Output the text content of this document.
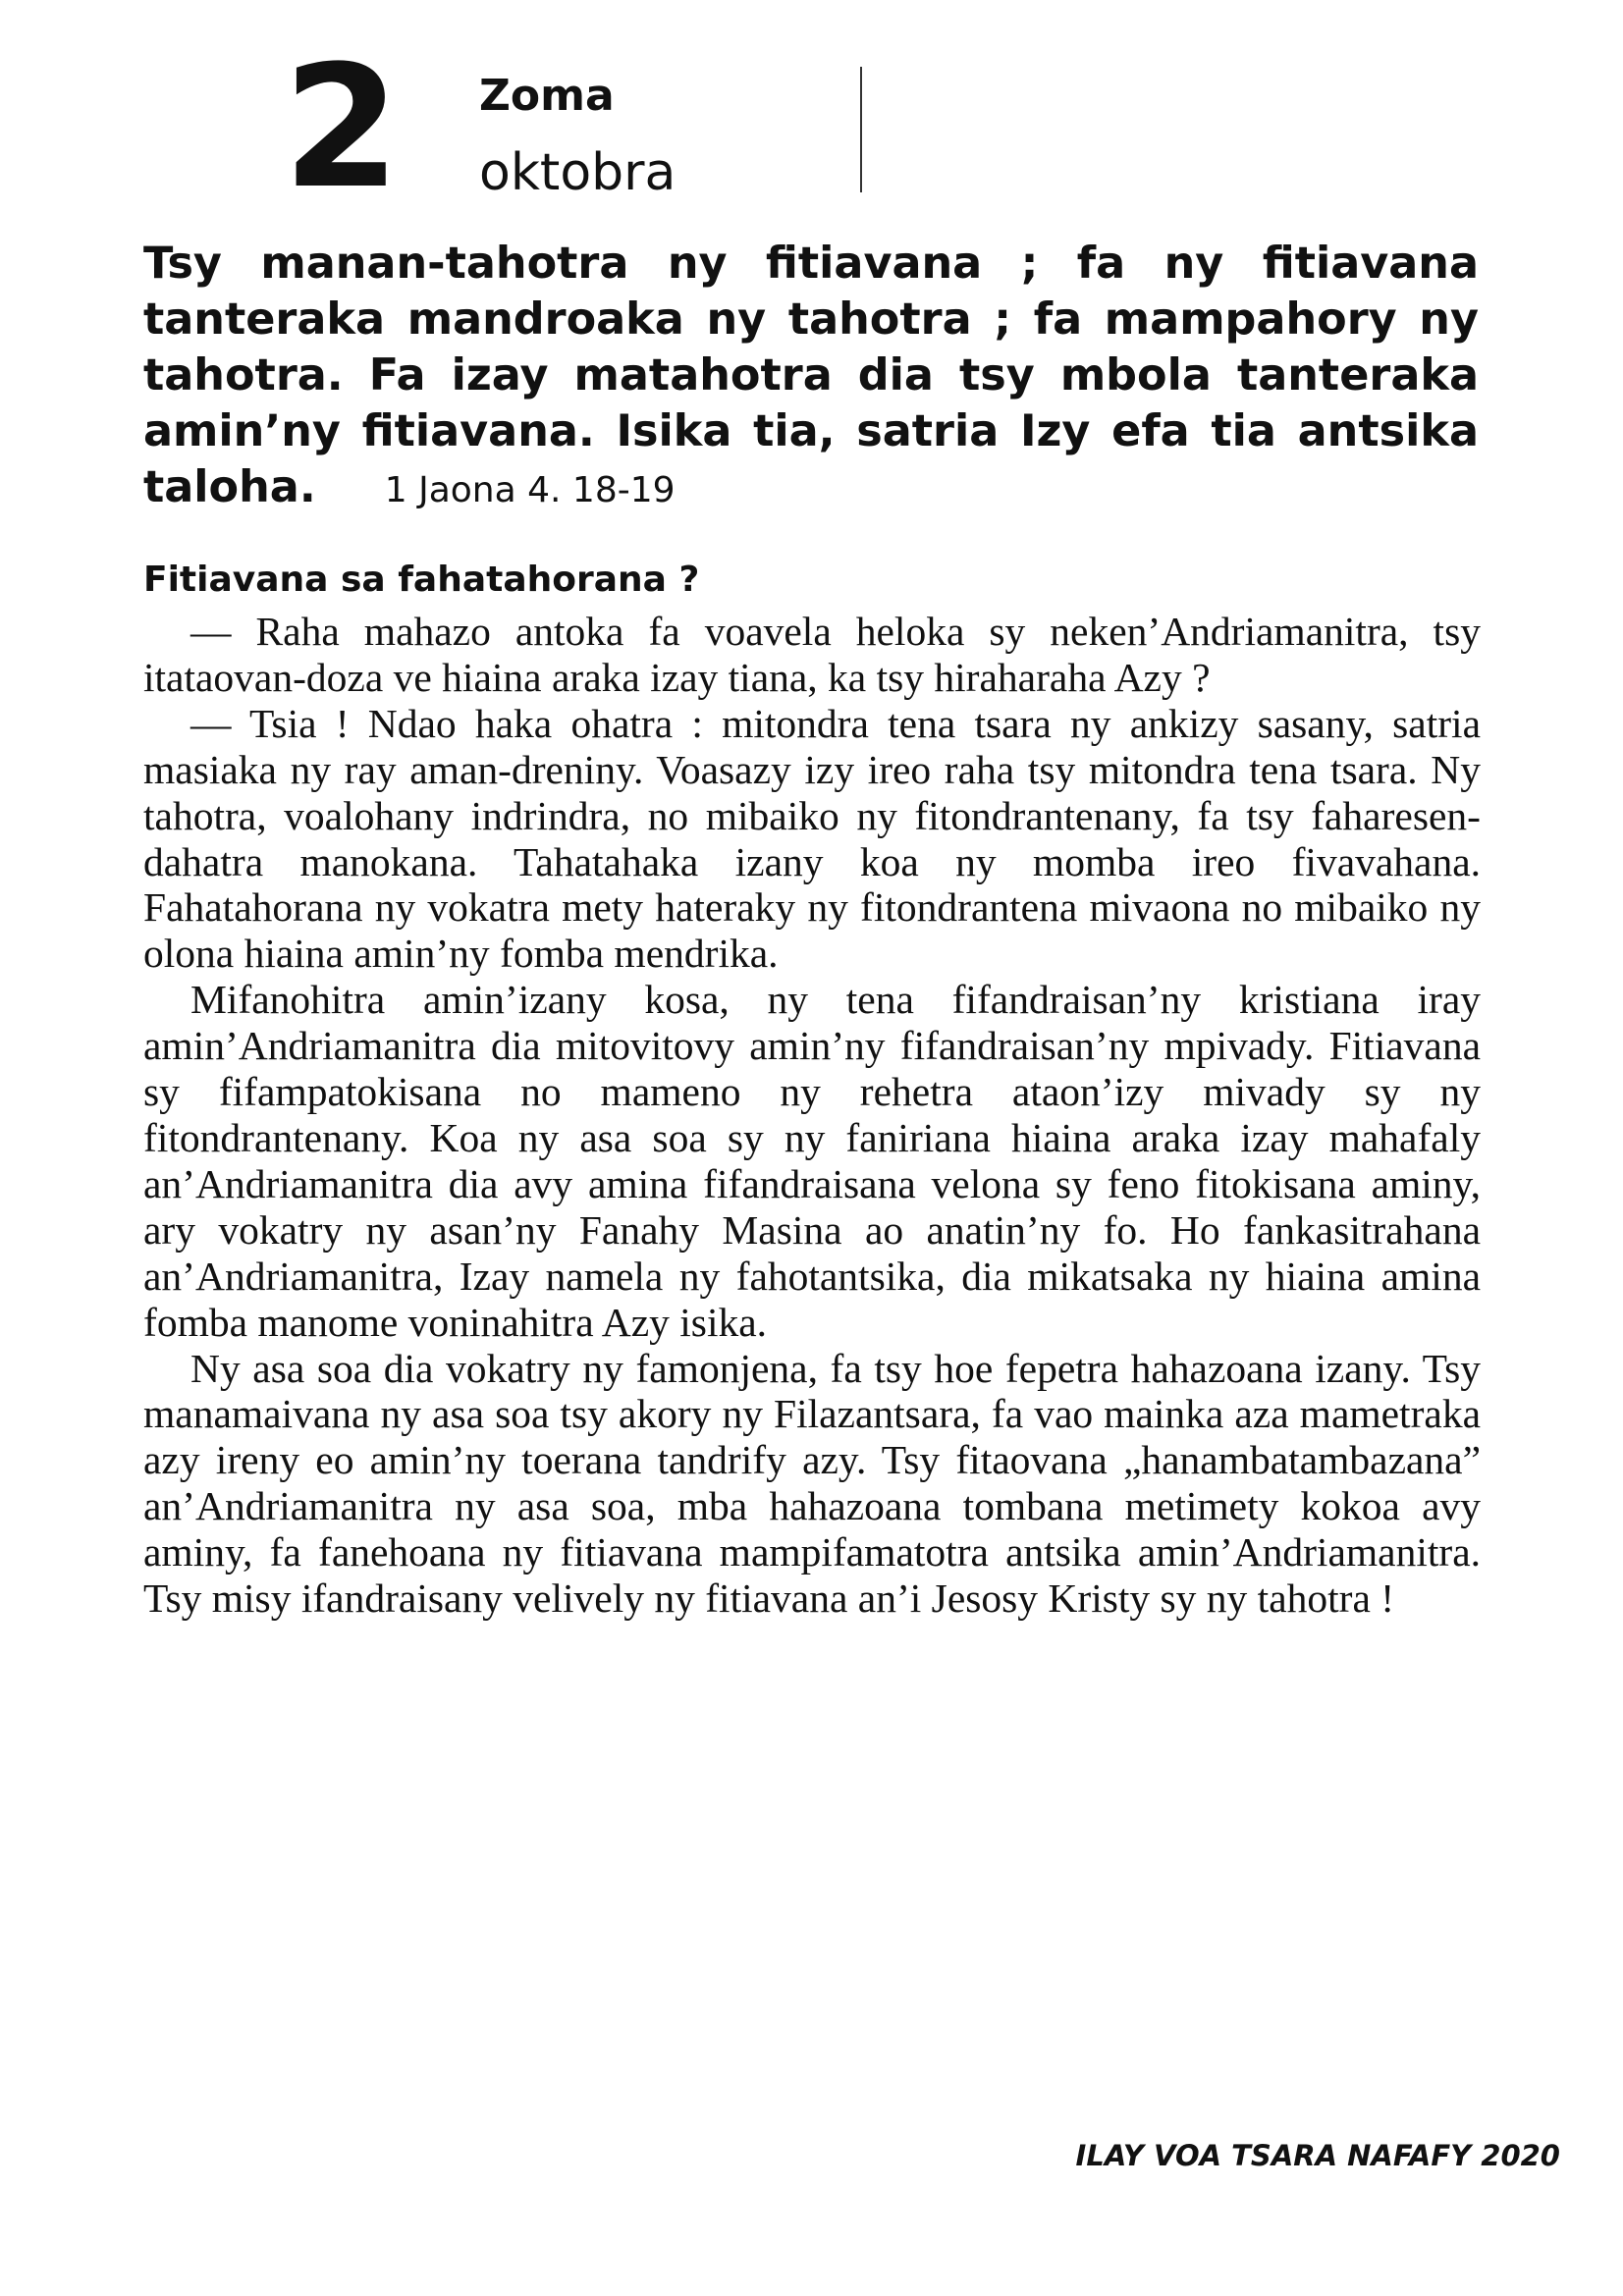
2 Zoma
oktobra
Tsy manan-tahotra ny fitiavana ; fa ny fitiavana tanteraka mandroaka ny tahotra ; fa mampahory ny tahotra. Fa izay matahotra dia tsy mbola tanteraka amin’ny fitiavana. Isika tia, satria Izy efa tia antsika taloha. 1 Jaona 4. 18-19
Fitiavana sa fahatahorana ?

— Raha mahazo antoka fa voavela heloka sy neken’Andriamanitra, tsy itataovan-doza ve hiaina araka izay tiana, ka tsy hiraharaha Azy ?

— Tsia ! Ndao haka ohatra : mitondra tena tsara ny ankizy sasany, satria masiaka ny ray aman-dreniny. Voasazy izy ireo raha tsy mitondra tena tsara. Ny tahotra, voalohany indrindra, no mibaiko ny fitondrantenany, fa tsy faharesen-dahatra manokana. Tahatahaka izany koa ny momba ireo fivavahana. Fahatahorana ny vokatra mety hateraky ny fitondrantena mivaona no mibaiko ny olona hiaina amin’ny fomba mendrika.

Mifanohitra amin’izany kosa, ny tena fifandraisan’ny kristiana iray amin’Andriamanitra dia mitovitovy amin’ny fifandraisan’ny mpivady. Fitiavana sy fifampatokisana no mameno ny rehetra ataon’izy mivady sy ny fitondrantenany. Koa ny asa soa sy ny faniriana hiaina araka izay mahafaly an’Andriamanitra dia avy amina fifandraisana velona sy feno fitokisana aminy, ary vokatry ny asan’ny Fanahy Masina ao anatin’ny fo. Ho fankasitrahana an’Andriamanitra, Izay namela ny fahotantsika, dia mikatsaka ny hiaina amina fomba manome voninahitra Azy isika.

Ny asa soa dia vokatry ny famonjena, fa tsy hoe fepetra hahazoana izany. Tsy manamaivana ny asa soa tsy akory ny Filazantsara, fa vao mainka aza mametraka azy ireny eo amin’ny toerana tandrify azy. Tsy fitaovana „hanambatambazana” an’Andriamanitra ny asa soa, mba hahazoana tombana metimety kokoa avy aminy, fa fanehoana ny fitiavana mampifamatotra antsika amin’Andriamanitra. Tsy misy ifandraisany velively ny fitiavana an’i Jesosy Kristy sy ny tahotra !

ILAY VOA TSARA NAFAFY 2020
